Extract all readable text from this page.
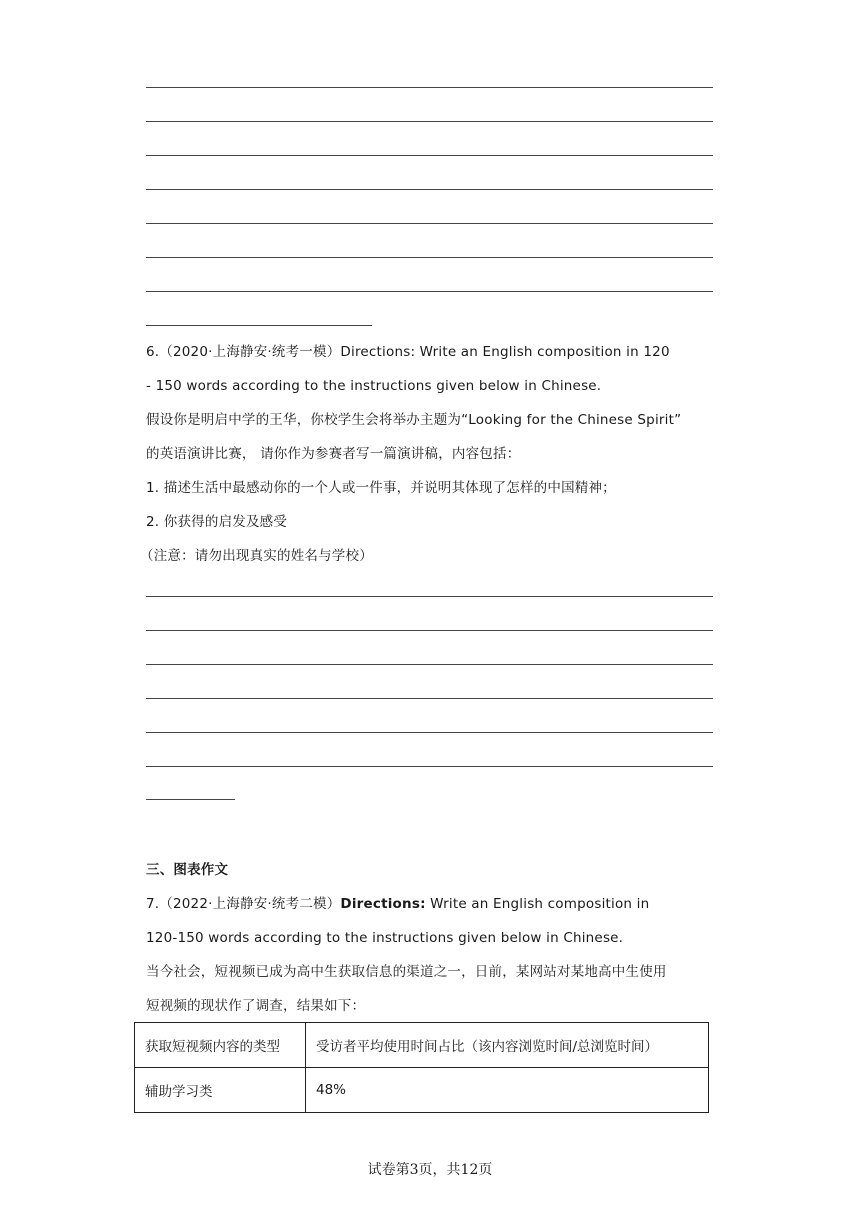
6.（2020·上海静安·统考一模）Directions: Write an English composition in 120
- 150 words according to the instructions given below in Chinese.
假设你是明启中学的王华，你校学生会将举办主题为“Looking for the Chinese Spirit”
的英语演讲比赛， 请你作为参赛者写一篇演讲稿，内容包括：
1. 描述生活中最感动你的一个人或一件事，并说明其体现了怎样的中国精神；
2. 你获得的启发及感受
（注意：请勿出现真实的姓名与学校）
三、图表作文
7.（2022·上海静安·统考二模）Directions: Write an English composition in
120-150 words according to the instructions given below in Chinese.
当今社会，短视频已成为高中生获取信息的渠道之一，日前，某网站对某地高中生使用
短视频的现状作了调查，结果如下：
获取短视频内容的类型	受访者平均使用时间占比（该内容浏览时间/总浏览时间）
辅助学习类	48%
试卷第3页，共12页
